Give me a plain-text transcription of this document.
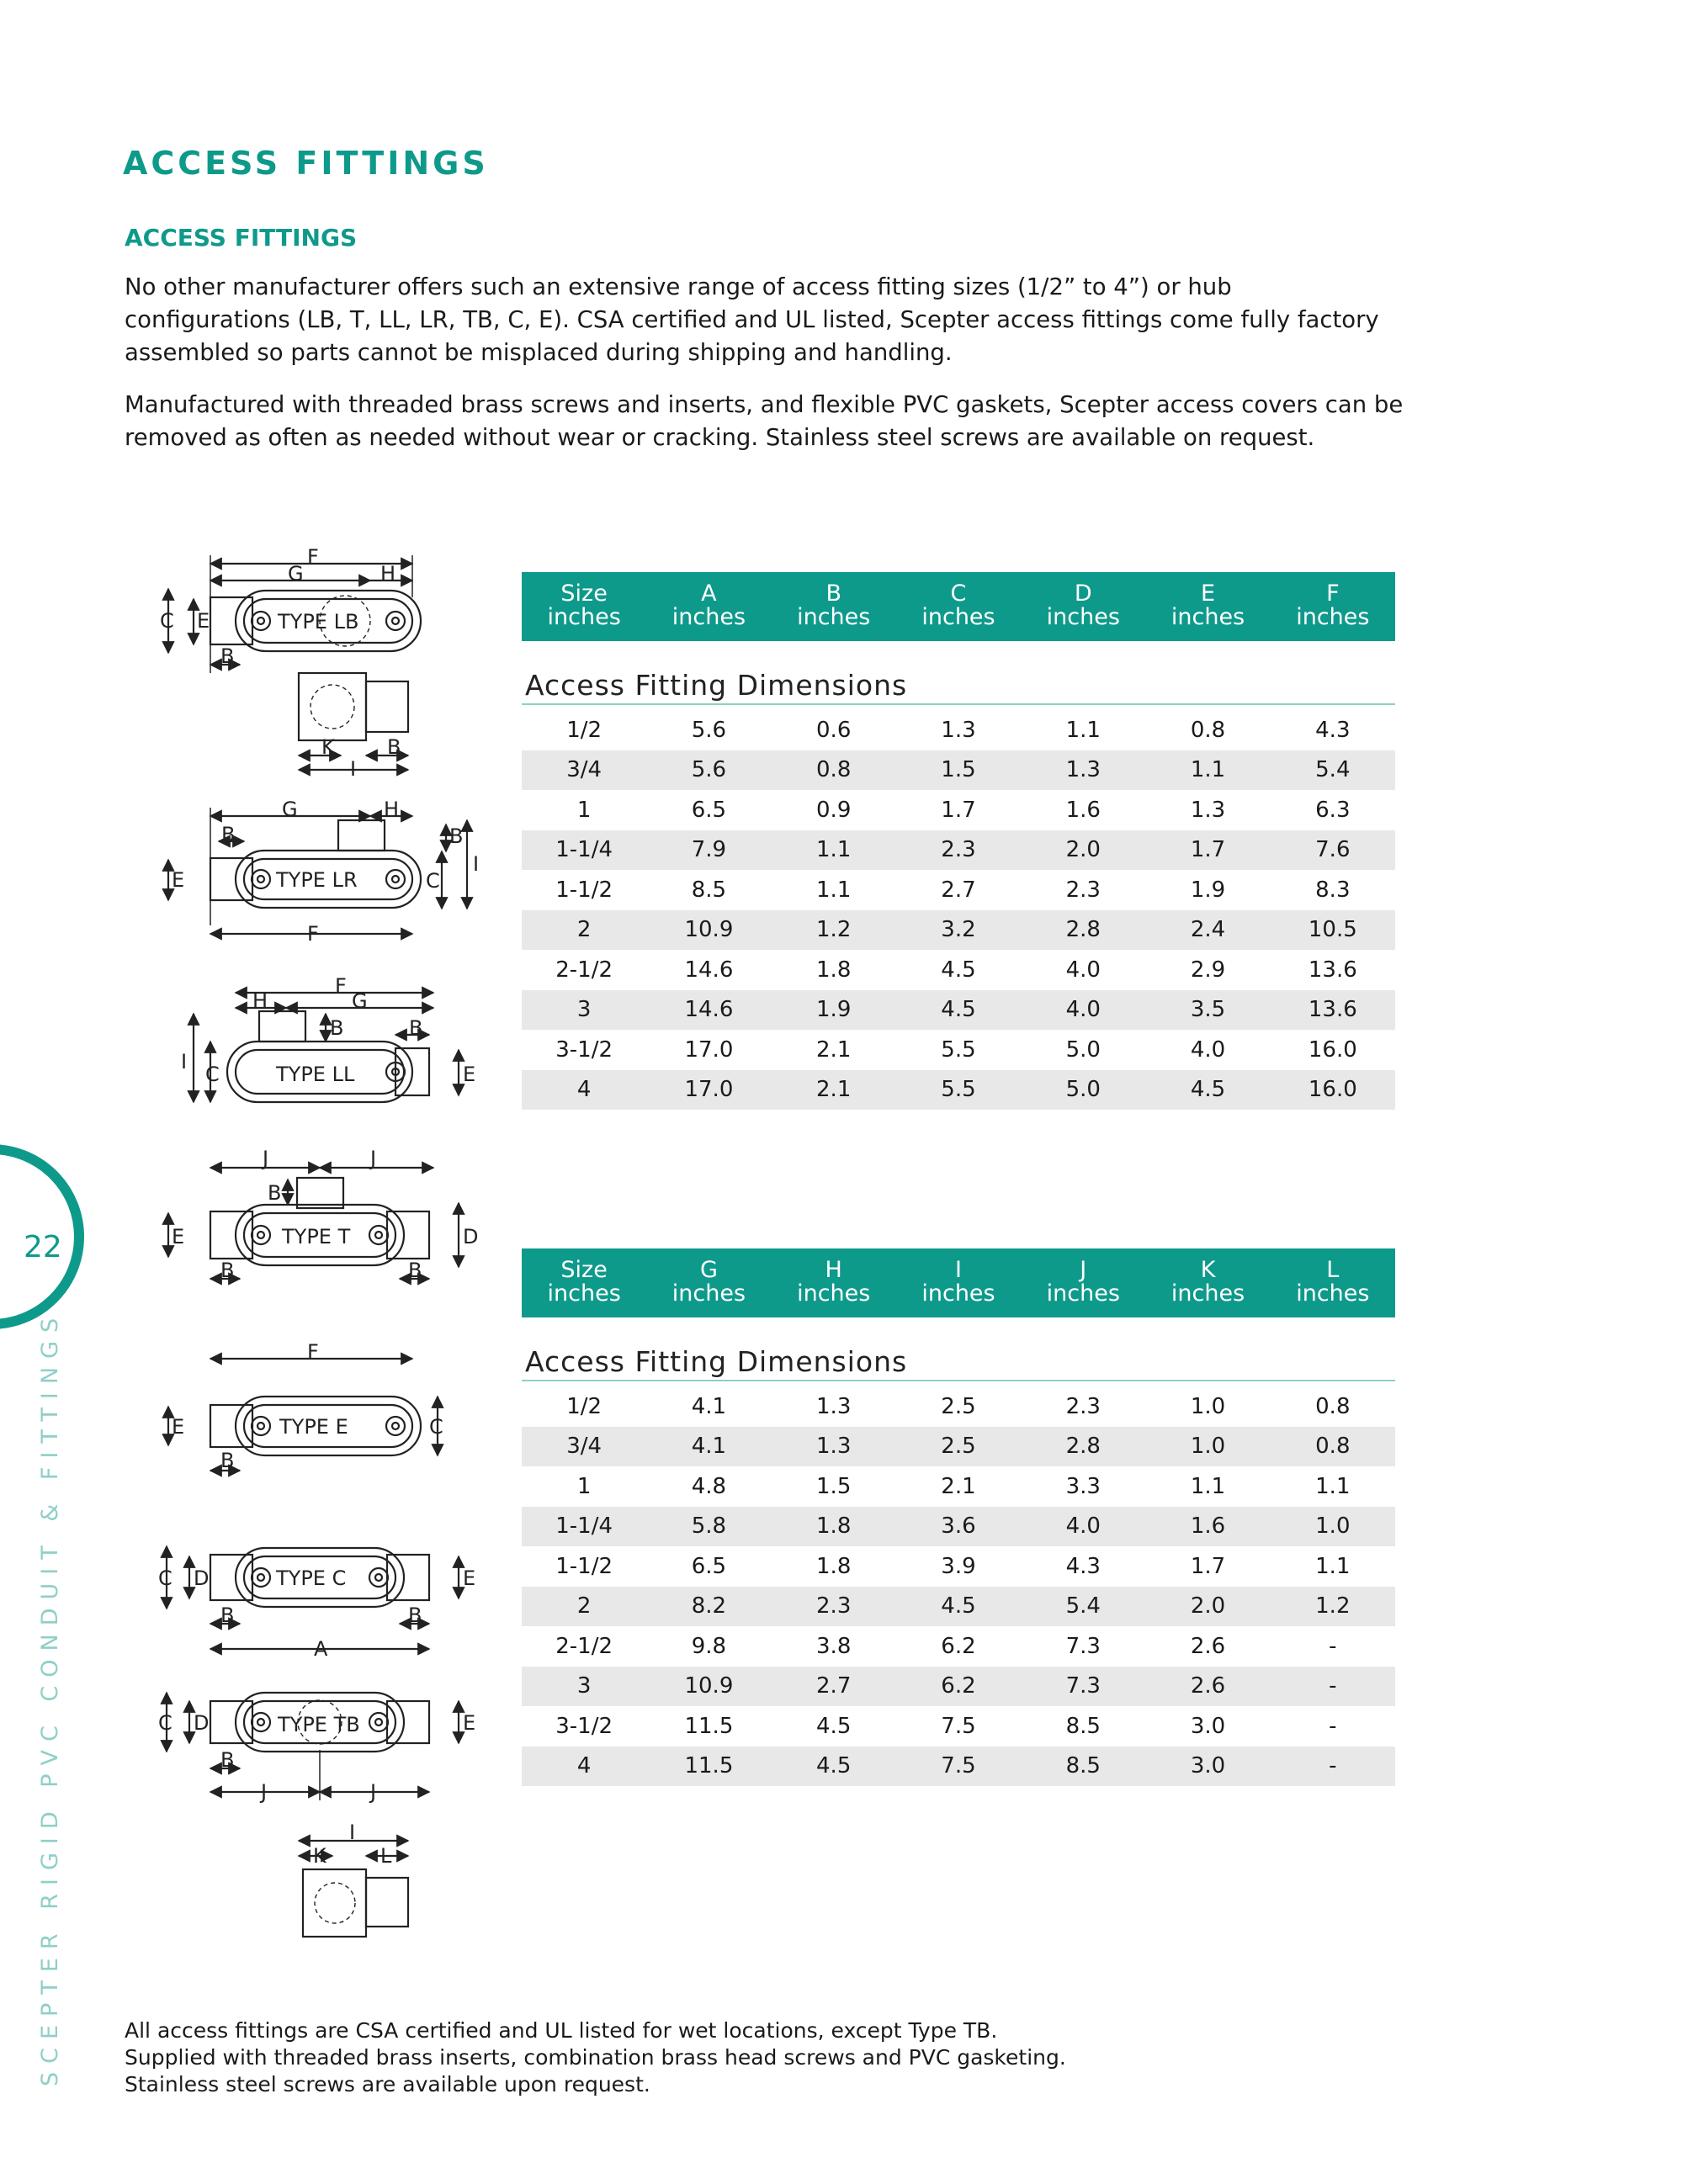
ACCESS FITTINGS
ACCESS FITTINGS

No other manufacturer offers such an extensive range of access fitting sizes (1/2” to 4”) or hub configurations (LB, T, LL, LR, TB, C, E). CSA certified and UL listed, Scepter access fittings come fully factory assembled so parts cannot be misplaced during shipping and handling.

Manufactured with threaded brass screws and inserts, and flexible PVC gaskets, Scepter access covers can be removed as often as needed without wear or cracking. Stainless steel screws are available on request.

22
SCEPTER RIGID PVC CONDUIT & FITTINGS
F
G	H
TYPE LB
C E
B
K	B
I
G	H
B	B
I
C
E	TYPE LR
F
F
H	G
B	B
I
C	E
TYPE LL
J	J
B
E	D
TYPE T
B	B
F
E	C
TYPE E
B
C D	E
TYPE C
B	B
A
C D	E
TYPE TB
B
J	J
I
K	L
Size
inches
A
inches
B
inches
C
inches
D
inches
E
inches
F
inches
Access Fitting Dimensions
1/2	5.6	0.6	1.3	1.1	0.8	4.3
3/4	5.6	0.8	1.5	1.3	1.1	5.4
1	6.5	0.9	1.7	1.6	1.3	6.3
1-1/4	7.9	1.1	2.3	2.0	1.7	7.6
1-1/2	8.5	1.1	2.7	2.3	1.9	8.3
2	10.9	1.2	3.2	2.8	2.4	10.5
2-1/2	14.6	1.8	4.5	4.0	2.9	13.6
3	14.6	1.9	4.5	4.0	3.5	13.6
3-1/2	17.0	2.1	5.5	5.0	4.0	16.0
4	17.0	2.1	5.5	5.0	4.5	16.0
Size
inches
G
inches
H
inches
I
inches
J
inches
K
inches
L
inches
Access Fitting Dimensions
1/2	4.1	1.3	2.5	2.3	1.0	0.8
3/4	4.1	1.3	2.5	2.8	1.0	0.8
1	4.8	1.5	2.1	3.3	1.1	1.1
1-1/4	5.8	1.8	3.6	4.0	1.6	1.0
1-1/2	6.5	1.8	3.9	4.3	1.7	1.1
2	8.2	2.3	4.5	5.4	2.0	1.2
2-1/2	9.8	3.8	6.2	7.3	2.6	-
3	10.9	2.7	6.2	7.3	2.6	-
3-1/2	11.5	4.5	7.5	8.5	3.0	-
4	11.5	4.5	7.5	8.5	3.0	-
All access fittings are CSA certified and UL listed for wet locations, except Type TB.
Supplied with threaded brass inserts, combination brass head screws and PVC gasketing.
Stainless steel screws are available upon request.
